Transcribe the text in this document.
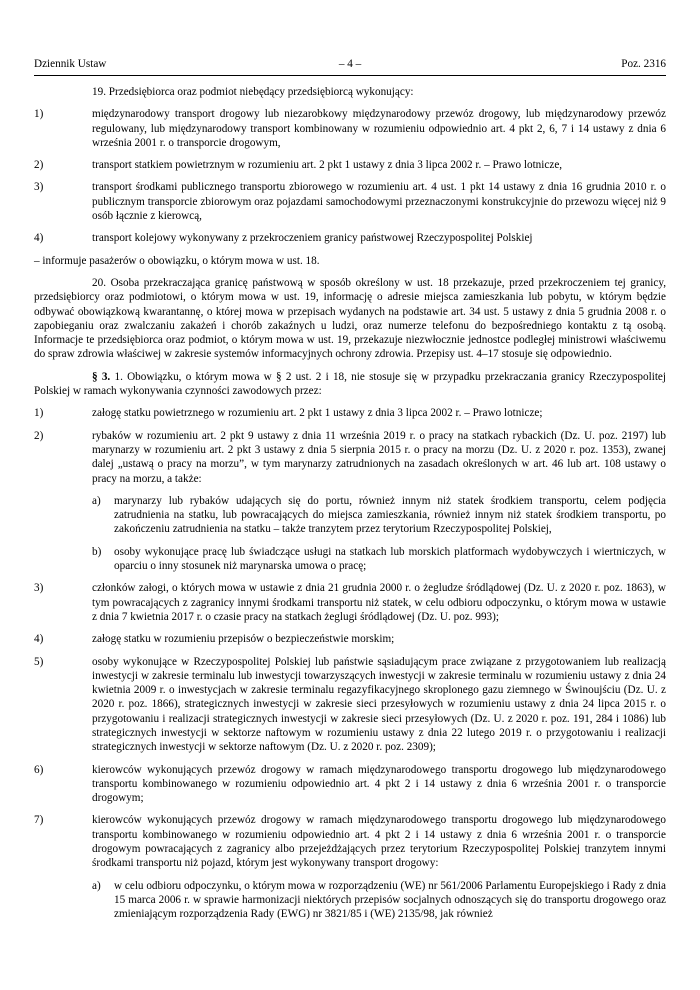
Dziennik Ustaw	– 4 –	Poz. 2316

19. Przedsiębiorca oraz podmiot niebędący przedsiębiorcą wykonujący:

1)	międzynarodowy transport drogowy lub niezarobkowy międzynarodowy przewóz drogowy, lub międzynarodowy przewóz regulowany, lub międzynarodowy transport kombinowany w rozumieniu odpowiednio art. 4 pkt 2, 6, 7 i 14 ustawy z dnia 6 września 2001 r. o transporcie drogowym,
2)	transport statkiem powietrznym w rozumieniu art. 2 pkt 1 ustawy z dnia 3 lipca 2002 r. – Prawo lotnicze,
3)	transport środkami publicznego transportu zbiorowego w rozumieniu art. 4 ust. 1 pkt 14 ustawy z dnia 16 grudnia 2010 r. o publicznym transporcie zbiorowym oraz pojazdami samochodowymi przeznaczonymi konstrukcyjnie do przewozu więcej niż 9 osób łącznie z kierowcą,
4)	transport kolejowy wykonywany z przekroczeniem granicy państwowej Rzeczypospolitej Polskiej

– informuje pasażerów o obowiązku, o którym mowa w ust. 18.

20. Osoba przekraczająca granicę państwową w sposób określony w ust. 18 przekazuje, przed przekroczeniem tej granicy, przedsiębiorcy oraz podmiotowi, o którym mowa w ust. 19, informację o adresie miejsca zamieszkania lub pobytu, w którym będzie odbywać obowiązkową kwarantannę, o której mowa w przepisach wydanych na podstawie art. 34 ust. 5 ustawy z dnia 5 grudnia 2008 r. o zapobieganiu oraz zwalczaniu zakażeń i chorób zakaźnych u ludzi, oraz numerze telefonu do bezpośredniego kontaktu z tą osobą. Informacje te przedsiębiorca oraz podmiot, o którym mowa w ust. 19, przekazuje niezwłocznie jednostce podległej ministrowi właściwemu do spraw zdrowia właściwej w zakresie systemów informacyjnych ochrony zdrowia. Przepisy ust. 4–17 stosuje się odpowiednio.

§ 3. 1. Obowiązku, o którym mowa w § 2 ust. 2 i 18, nie stosuje się w przypadku przekraczania granicy Rzeczypospolitej Polskiej w ramach wykonywania czynności zawodowych przez:

1)	załogę statku powietrznego w rozumieniu art. 2 pkt 1 ustawy z dnia 3 lipca 2002 r. – Prawo lotnicze;
2)	rybaków w rozumieniu art. 2 pkt 9 ustawy z dnia 11 września 2019 r. o pracy na statkach rybackich (Dz. U. poz. 2197) lub marynarzy w rozumieniu art. 2 pkt 3 ustawy z dnia 5 sierpnia 2015 r. o pracy na morzu (Dz. U. z 2020 r. poz. 1353), zwanej dalej „ustawą o pracy na morzu”, w tym marynarzy zatrudnionych na zasadach określonych w art. 46 lub art. 108 ustawy o pracy na morzu, a także:
a) marynarzy lub rybaków udających się do portu, również innym niż statek środkiem transportu, celem podjęcia zatrudnienia na statku, lub powracających do miejsca zamieszkania, również innym niż statek środkiem transportu, po zakończeniu zatrudnienia na statku – także tranzytem przez terytorium Rzeczypospolitej Polskiej,
b) osoby wykonujące pracę lub świadczące usługi na statkach lub morskich platformach wydobywczych i wiertniczych, w oparciu o inny stosunek niż marynarska umowa o pracę;
3)	członków załogi, o których mowa w ustawie z dnia 21 grudnia 2000 r. o żegludze śródlądowej (Dz. U. z 2020 r. poz. 1863), w tym powracających z zagranicy innymi środkami transportu niż statek, w celu odbioru odpoczynku, o którym mowa w ustawie z dnia 7 kwietnia 2017 r. o czasie pracy na statkach żeglugi śródlądowej (Dz. U. poz. 993);
4)	załogę statku w rozumieniu przepisów o bezpieczeństwie morskim;
5)	osoby wykonujące w Rzeczypospolitej Polskiej lub państwie sąsiadującym prace związane z przygotowaniem lub realizacją inwestycji w zakresie terminalu lub inwestycji towarzyszących inwestycji w zakresie terminalu w rozumieniu ustawy z dnia 24 kwietnia 2009 r. o inwestycjach w zakresie terminalu regazyfikacyjnego skroplonego gazu ziemnego w Świnoujściu (Dz. U. z 2020 r. poz. 1866), strategicznych inwestycji w zakresie sieci przesyłowych w rozumieniu ustawy z dnia 24 lipca 2015 r. o przygotowaniu i realizacji strategicznych inwestycji w zakresie sieci przesyłowych (Dz. U. z 2020 r. poz. 191, 284 i 1086) lub strategicznych inwestycji w sektorze naftowym w rozumieniu ustawy z dnia 22 lutego 2019 r. o przygotowaniu i realizacji strategicznych inwestycji w sektorze naftowym (Dz. U. z 2020 r. poz. 2309);
6)	kierowców wykonujących przewóz drogowy w ramach międzynarodowego transportu drogowego lub międzynarodowego transportu kombinowanego w rozumieniu odpowiednio art. 4 pkt 2 i 14 ustawy z dnia 6 września 2001 r. o transporcie drogowym;
7)	kierowców wykonujących przewóz drogowy w ramach międzynarodowego transportu drogowego lub międzynarodowego transportu kombinowanego w rozumieniu odpowiednio art. 4 pkt 2 i 14 ustawy z dnia 6 września 2001 r. o transporcie drogowym powracających z zagranicy albo przejeżdżających przez terytorium Rzeczypospolitej Polskiej tranzytem innymi środkami transportu niż pojazd, którym jest wykonywany transport drogowy:
a) w celu odbioru odpoczynku, o którym mowa w rozporządzeniu (WE) nr 561/2006 Parlamentu Europejskiego i Rady z dnia 15 marca 2006 r. w sprawie harmonizacji niektórych przepisów socjalnych odnoszących się do transportu drogowego oraz zmieniającym rozporządzenia Rady (EWG) nr 3821/85 i (WE) 2135/98, jak również
